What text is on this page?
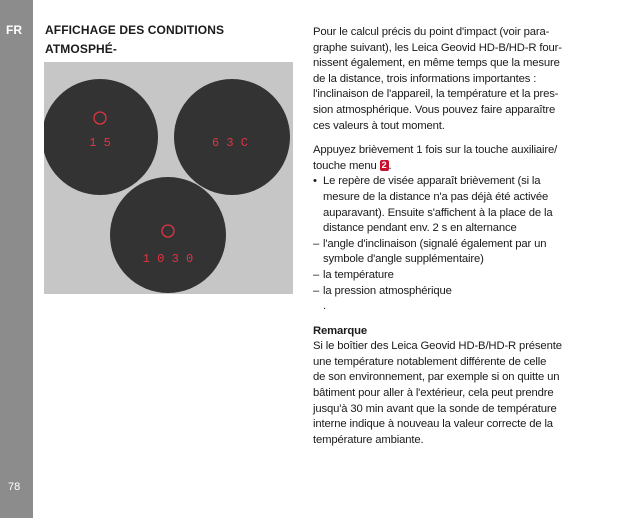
FR
78
AFFICHAGE DES CONDITIONS ATMOSPHÉ-
1 5	6 3 C
1 0 3 0

Pour le calcul précis du point d'impact (voir para-
graphe suivant), les Leica Geovid HD-B/HD-R four-
nissent également, en même temps que la mesure
de la distance, trois informations importantes :
l'inclinaison de l'appareil, la température et la pres-
sion atmosphérique. Vous pouvez faire apparaître
ces valeurs à tout moment.

Appuyez brièvement 1 fois sur la touche auxiliaire/
touche menu 2 .

• Le repère de visée apparaît brièvement (si la
mesure de la distance n'a pas déjà été activée
auparavant). Ensuite s'affichent à la place de la
distance pendant env. 2 s en alternance
– l'angle d'inclinaison (signalé également par un
symbole d'angle supplémentaire)
– la température
– la pression atmosphérique
.

Remarque
Si le boîtier des Leica Geovid HD-B/HD-R présente
une température notablement différente de celle
de son environnement, par exemple si on quitte un
bâtiment pour aller à l'extérieur, cela peut prendre
jusqu'à 30 min avant que la sonde de température
interne indique à nouveau la valeur correcte de la
température ambiante.
